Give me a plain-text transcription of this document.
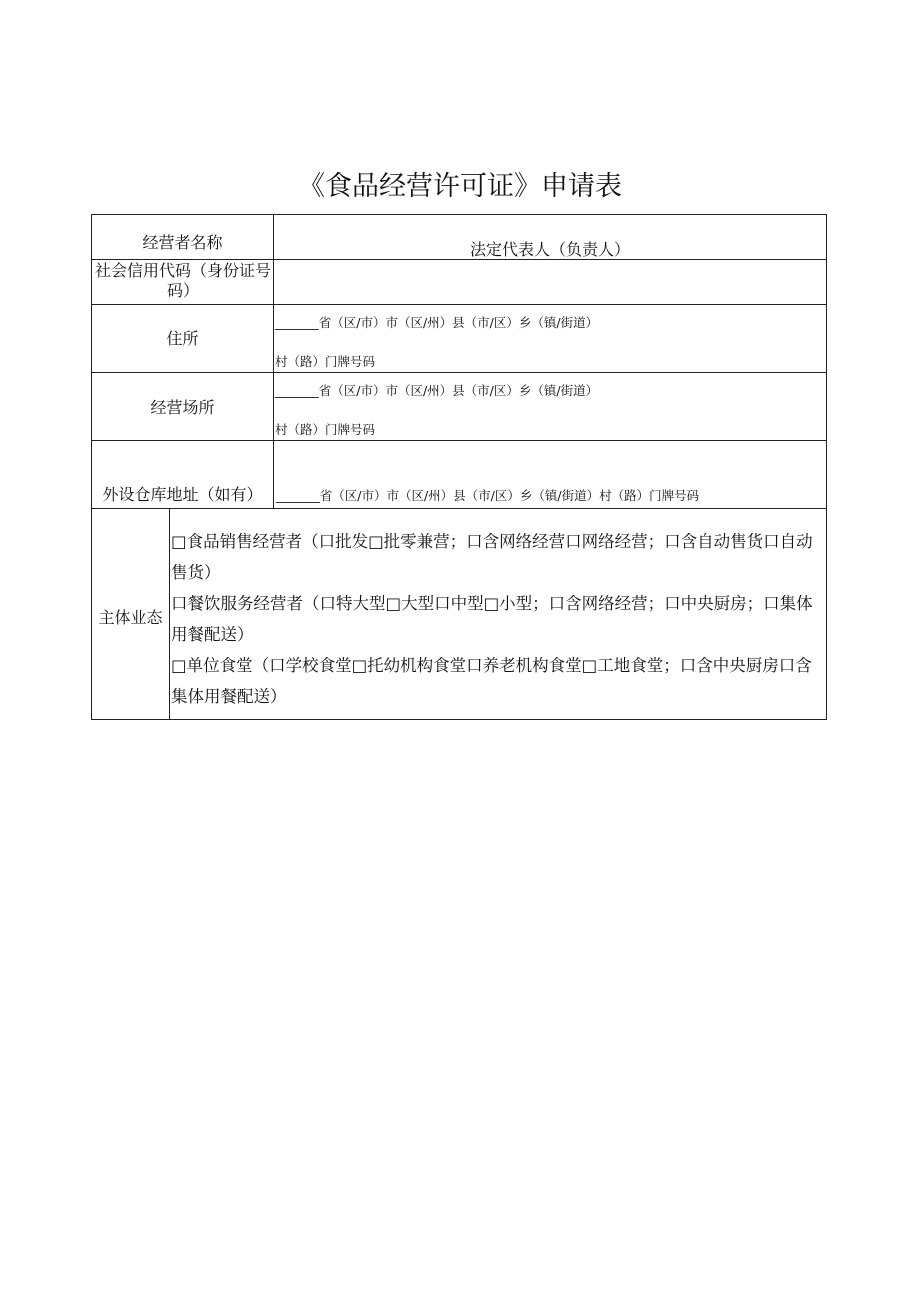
《食品经营许可证》申请表
经营者名称	法定代表人（负责人）
社会信用代码（身份证号码）
住所
_______省（区/市）市（区/州）县（市/区）乡（镇/街道）
村（路）门牌号码
经营场所
_______省（区/市）市（区/州）县（市/区）乡（镇/街道）
村（路）门牌号码
外设仓库地址（如有）	_______省（区/市）市（区/州）县（市/区）乡（镇/街道）村（路）门牌号码
主体业态
□食品销售经营者（口批发□批零兼营；口含网络经营口网络经营；口含自动售货口自动售货）
口餐饮服务经营者（口特大型□大型口中型□小型；口含网络经营；口中央厨房；口集体用餐配送）
□单位食堂（口学校食堂□托幼机构食堂口养老机构食堂□工地食堂；口含中央厨房口含集体用餐配送）
